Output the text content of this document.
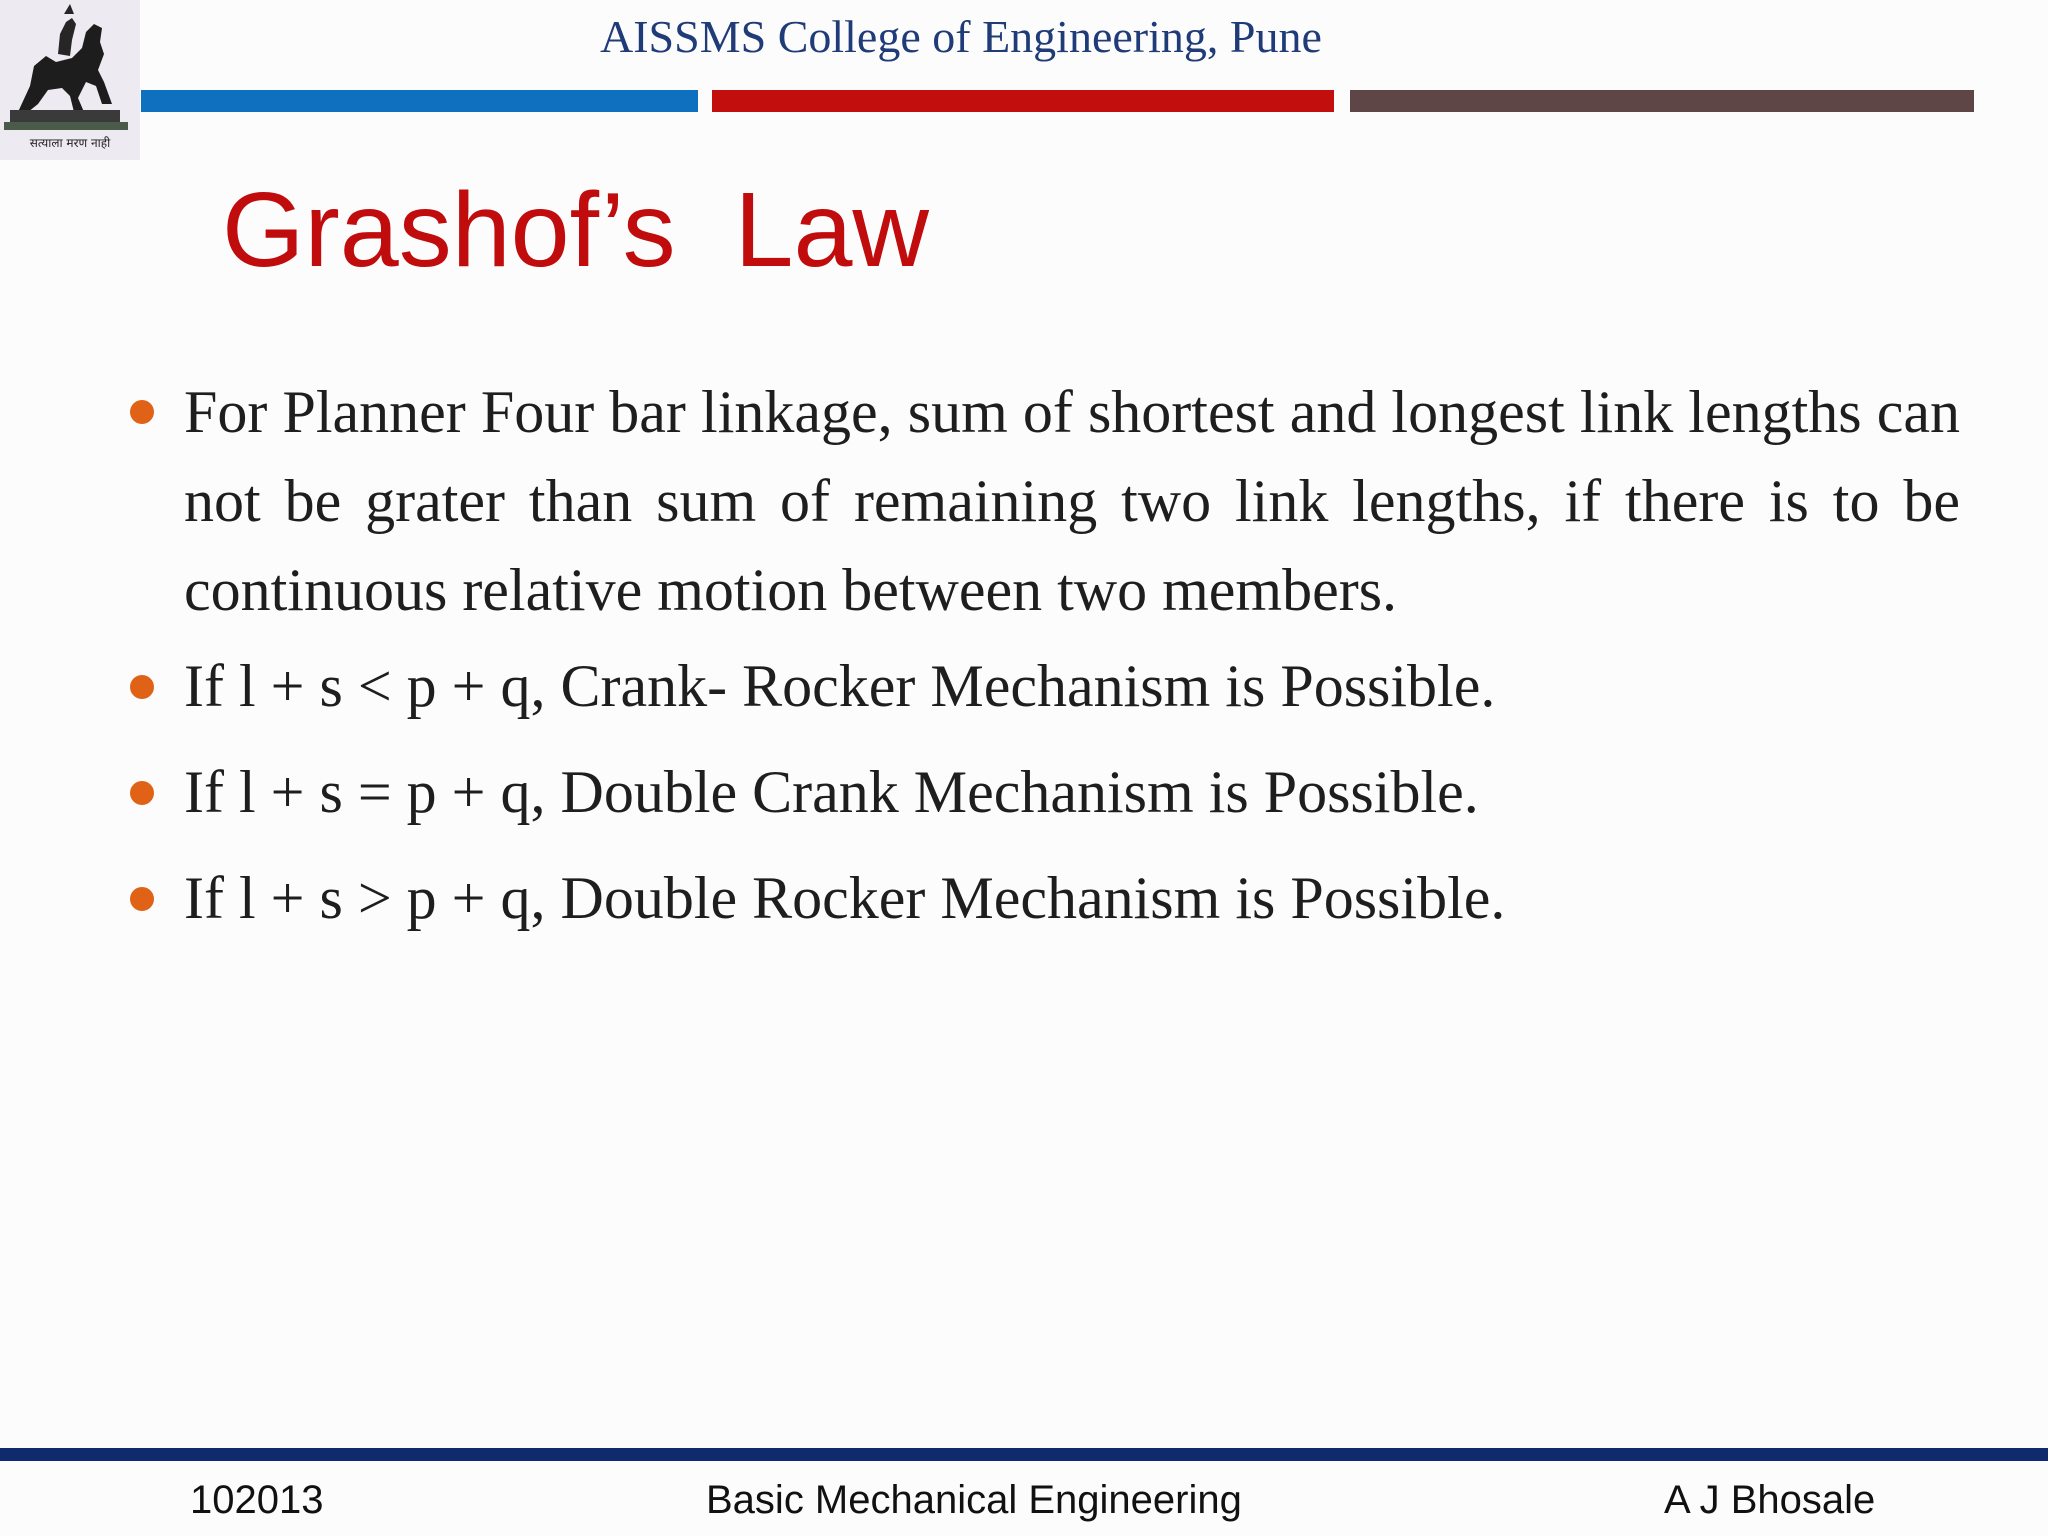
सत्याला मरण नाही
AISSMS College of Engineering, Pune
Grashof’s  Law
For Planner Four bar linkage, sum of shortest and longest link lengths can not be grater than sum of remaining two link lengths, if there is to be continuous relative motion between two members.
If l + s < p + q, Crank- Rocker Mechanism is Possible.
If l + s = p + q, Double Crank Mechanism is Possible.
If l + s > p + q, Double Rocker Mechanism is Possible.
102013	Basic Mechanical Engineering	A J Bhosale
